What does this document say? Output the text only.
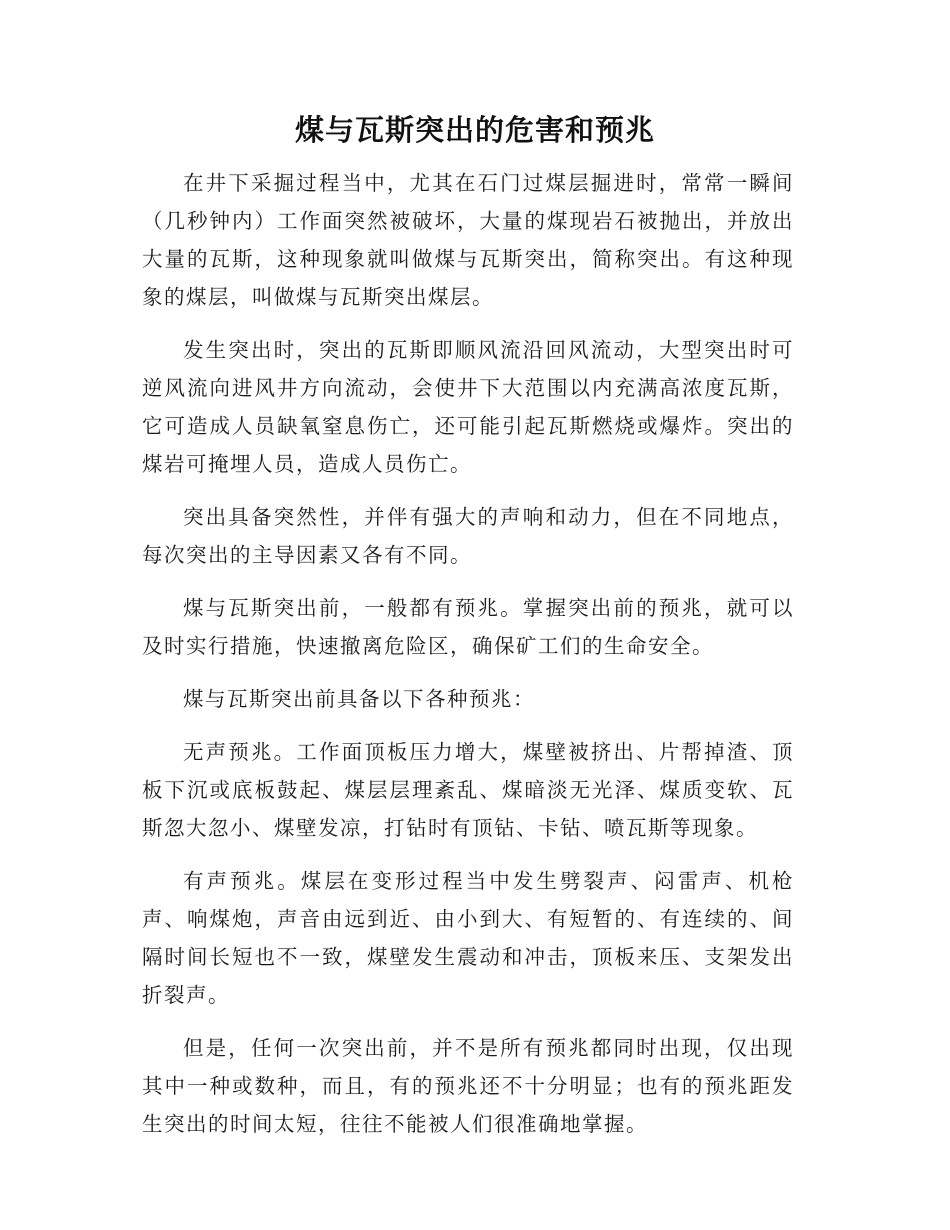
煤与瓦斯突出的危害和预兆

在井下采掘过程当中，尤其在石门过煤层掘进时，常常一瞬间（几秒钟内）工作面突然被破坏，大量的煤现岩石被抛出，并放出大量的瓦斯，这种现象就叫做煤与瓦斯突出，简称突出。有这种现象的煤层，叫做煤与瓦斯突出煤层。

发生突出时，突出的瓦斯即顺风流沿回风流动，大型突出时可逆风流向进风井方向流动，会使井下大范围以内充满高浓度瓦斯，它可造成人员缺氧窒息伤亡，还可能引起瓦斯燃烧或爆炸。突出的煤岩可掩埋人员，造成人员伤亡。

突出具备突然性，并伴有强大的声响和动力，但在不同地点，每次突出的主导因素又各有不同。

煤与瓦斯突出前，一般都有预兆。掌握突出前的预兆，就可以及时实行措施，快速撤离危险区，确保矿工们的生命安全。

煤与瓦斯突出前具备以下各种预兆：

无声预兆。工作面顶板压力增大，煤壁被挤出、片帮掉渣、顶板下沉或底板鼓起、煤层层理紊乱、煤暗淡无光泽、煤质变软、瓦斯忽大忽小、煤壁发凉，打钻时有顶钻、卡钻、喷瓦斯等现象。

有声预兆。煤层在变形过程当中发生劈裂声、闷雷声、机枪声、响煤炮，声音由远到近、由小到大、有短暂的、有连续的、间隔时间长短也不一致，煤壁发生震动和冲击，顶板来压、支架发出折裂声。

但是，任何一次突出前，并不是所有预兆都同时出现，仅出现其中一种或数种，而且，有的预兆还不十分明显；也有的预兆距发生突出的时间太短，往往不能被人们很准确地掌握。
